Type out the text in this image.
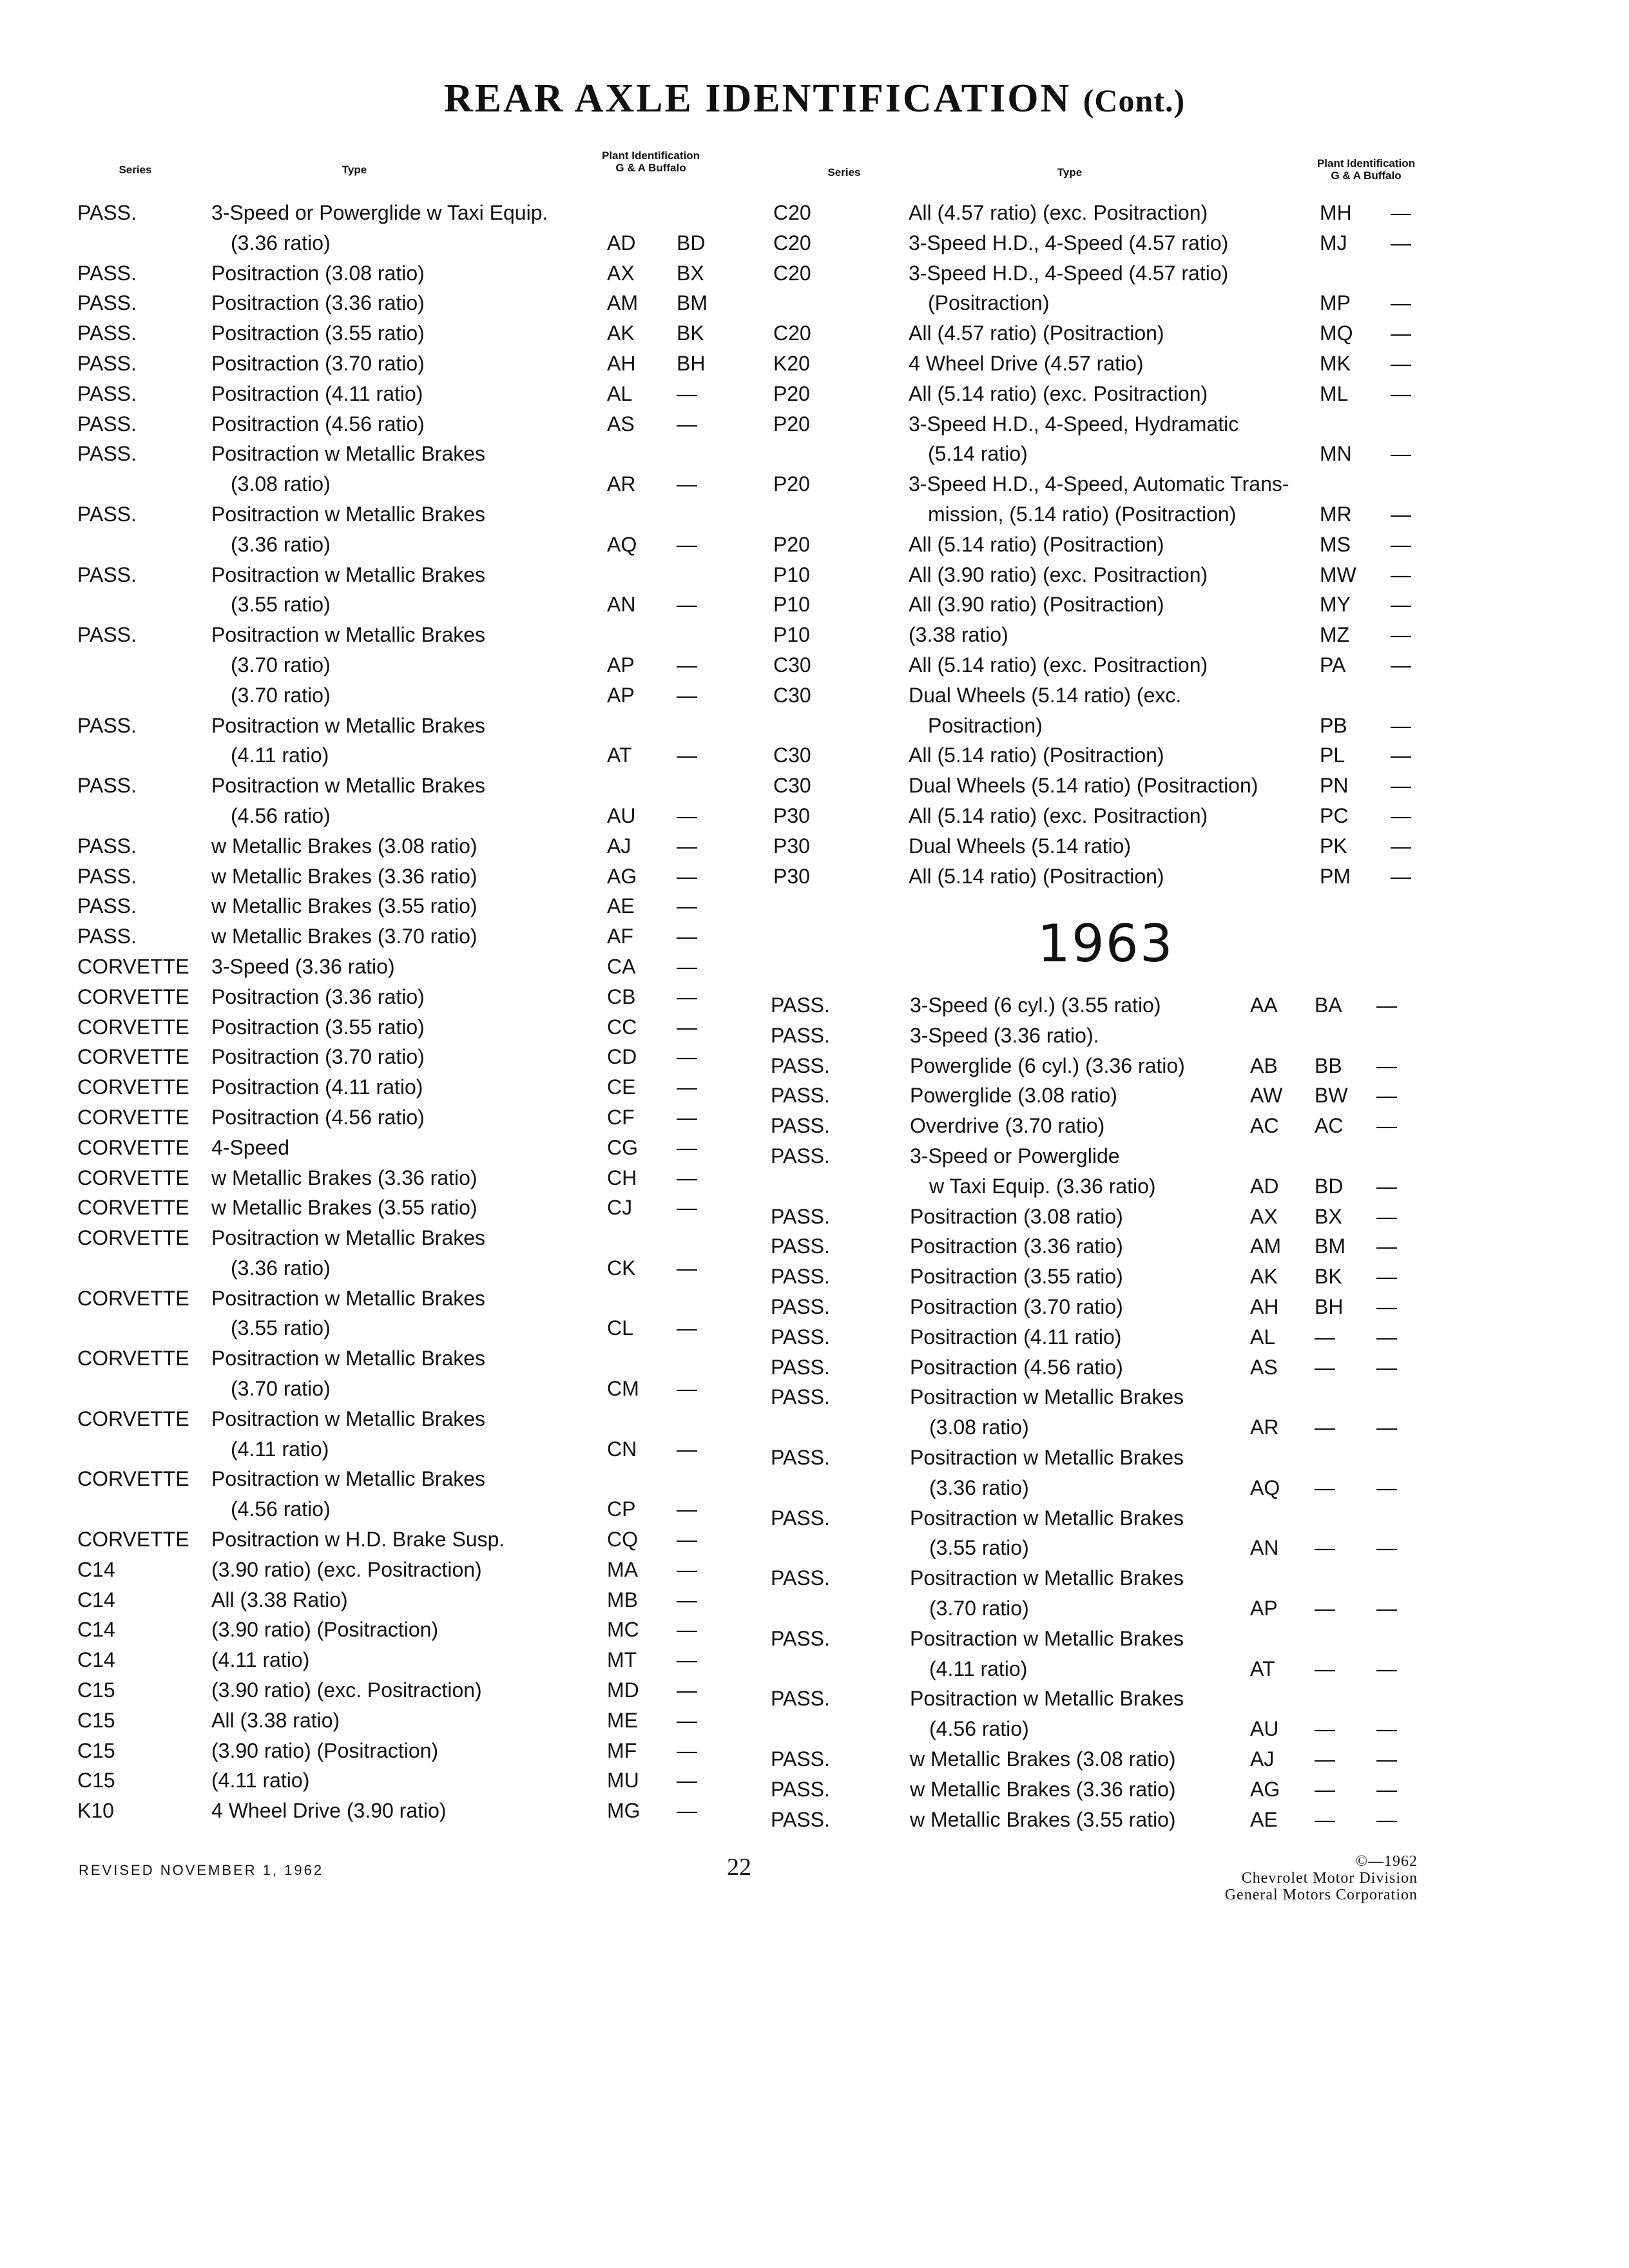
REAR AXLE IDENTIFICATION (Cont.)
Series	Type
Plant Identification
G & A Buffalo	Series	Type
Plant Identification
G & A Buffalo
PASS.	3-Speed or Powerglide w Taxi Equip.
(3.36 ratio)	AD	BD
PASS.	Positraction (3.08 ratio)	AX	BX
PASS.	Positraction (3.36 ratio)	AM	BM
PASS.	Positraction (3.55 ratio)	AK	BK
PASS.	Positraction (3.70 ratio)	AH	BH
PASS.	Positraction (4.11 ratio)	AL	—
PASS.	Positraction (4.56 ratio)	AS	—
PASS.	Positraction w Metallic Brakes
(3.08 ratio)	AR	—
PASS.	Positraction w Metallic Brakes
(3.36 ratio)	AQ	—
PASS.	Positraction w Metallic Brakes
(3.55 ratio)	AN	—
PASS.	Positraction w Metallic Brakes
(3.70 ratio)	AP	—
(3.70 ratio)	AP	—
PASS.	Positraction w Metallic Brakes
(4.11 ratio)	AT	—
PASS.	Positraction w Metallic Brakes
(4.56 ratio)	AU	—
PASS.	w Metallic Brakes (3.08 ratio)	AJ	—
PASS.	w Metallic Brakes (3.36 ratio)	AG	—
PASS.	w Metallic Brakes (3.55 ratio)	AE	—
PASS.	w Metallic Brakes (3.70 ratio)	AF	—
CORVETTE 3-Speed (3.36 ratio)	CA	—
CORVETTE Positraction (3.36 ratio)	CB	—
CORVETTE Positraction (3.55 ratio)	CC	—
CORVETTE Positraction (3.70 ratio)	CD	—
CORVETTE Positraction (4.11 ratio)	CE	—
CORVETTE Positraction (4.56 ratio)	CF	—
CORVETTE 4-Speed	CG	—
CORVETTE w Metallic Brakes (3.36 ratio)	CH	—
CORVETTE w Metallic Brakes (3.55 ratio)	CJ	—
CORVETTE Positraction w Metallic Brakes
(3.36 ratio)	CK	—
CORVETTE Positraction w Metallic Brakes
(3.55 ratio)	CL	—
CORVETTE Positraction w Metallic Brakes
(3.70 ratio)	CM	—
CORVETTE Positraction w Metallic Brakes
(4.11 ratio)	CN	—
CORVETTE Positraction w Metallic Brakes
(4.56 ratio)	CP	—
CORVETTE Positraction w H.D. Brake Susp.	CQ	—
C14	(3.90 ratio) (exc. Positraction)	MA	—
C14	All (3.38 Ratio)	MB	—
C14	(3.90 ratio) (Positraction)	MC	—
C14	(4.11 ratio)	MT	—
C15	(3.90 ratio) (exc. Positraction)	MD	—
C15	All (3.38 ratio)	ME	—
C15	(3.90 ratio) (Positraction)	MF	—
C15	(4.11 ratio)	MU	—
K10	4 Wheel Drive (3.90 ratio)	MG —
C20	All (4.57 ratio) (exc. Positraction)	MH	—
C20	3-Speed H.D., 4-Speed (4.57 ratio)	MJ	—
C20	3-Speed H.D., 4-Speed (4.57 ratio)
(Positraction)	MP	—
C20	All (4.57 ratio) (Positraction)	MQ —
K20	4 Wheel Drive (4.57 ratio)	MK	—
P20	All (5.14 ratio) (exc. Positraction)	ML	—
P20	3-Speed H.D., 4-Speed, Hydramatic
(5.14 ratio)	MN	—
P20	3-Speed H.D., 4-Speed, Automatic Trans-
mission, (5.14 ratio) (Positraction)	MR	—
P20	All (5.14 ratio) (Positraction)	MS	—
P10	All (3.90 ratio) (exc. Positraction)	MW —
P10	All (3.90 ratio) (Positraction)	MY	—
P10	(3.38 ratio)	MZ	—
C30	All (5.14 ratio) (exc. Positraction)	PA	—
C30	Dual Wheels (5.14 ratio) (exc.
Positraction)	PB	—
C30	All (5.14 ratio) (Positraction)	PL	—
C30	Dual Wheels (5.14 ratio) (Positraction)	PN	—
P30	All (5.14 ratio) (exc. Positraction)	PC	—
P30	Dual Wheels (5.14 ratio)	PK	—
P30	All (5.14 ratio) (Positraction)	PM	—
1963
PASS.	3-Speed (6 cyl.) (3.55 ratio)	AA	BA	—
PASS.	3-Speed (3.36 ratio).
PASS.	Powerglide (6 cyl.) (3.36 ratio)	AB	BB	—
PASS.	Powerglide (3.08 ratio)	AW	BW —
PASS.	Overdrive (3.70 ratio)	AC	AC	—
PASS.	3-Speed or Powerglide
w Taxi Equip. (3.36 ratio)	AD	BD	—
PASS.	Positraction (3.08 ratio)	AX	BX	—
PASS.	Positraction (3.36 ratio)	AM	BM	—
PASS.	Positraction (3.55 ratio)	AK	BK	—
PASS.	Positraction (3.70 ratio)	AH	BH	—
PASS.	Positraction (4.11 ratio)	AL	—	—
PASS.	Positraction (4.56 ratio)	AS	—	—
PASS.	Positraction w Metallic Brakes
(3.08 ratio)	AR	—	—
PASS.	Positraction w Metallic Brakes
(3.36 ratio)	AQ	—	—
PASS.	Positraction w Metallic Brakes
(3.55 ratio)	AN	—	—
PASS.	Positraction w Metallic Brakes
(3.70 ratio)	AP	—	—
PASS.	Positraction w Metallic Brakes
(4.11 ratio)	AT	—	—
PASS.	Positraction w Metallic Brakes
(4.56 ratio)	AU	—	—
PASS.	w Metallic Brakes (3.08 ratio)	AJ	—	—
PASS.	w Metallic Brakes (3.36 ratio)	AG	—	—
PASS.	w Metallic Brakes (3.55 ratio)	AE	—	—
REVISED NOVEMBER 1, 1962	22	©—1962
Chevrolet Motor Division
General Motors Corporation
